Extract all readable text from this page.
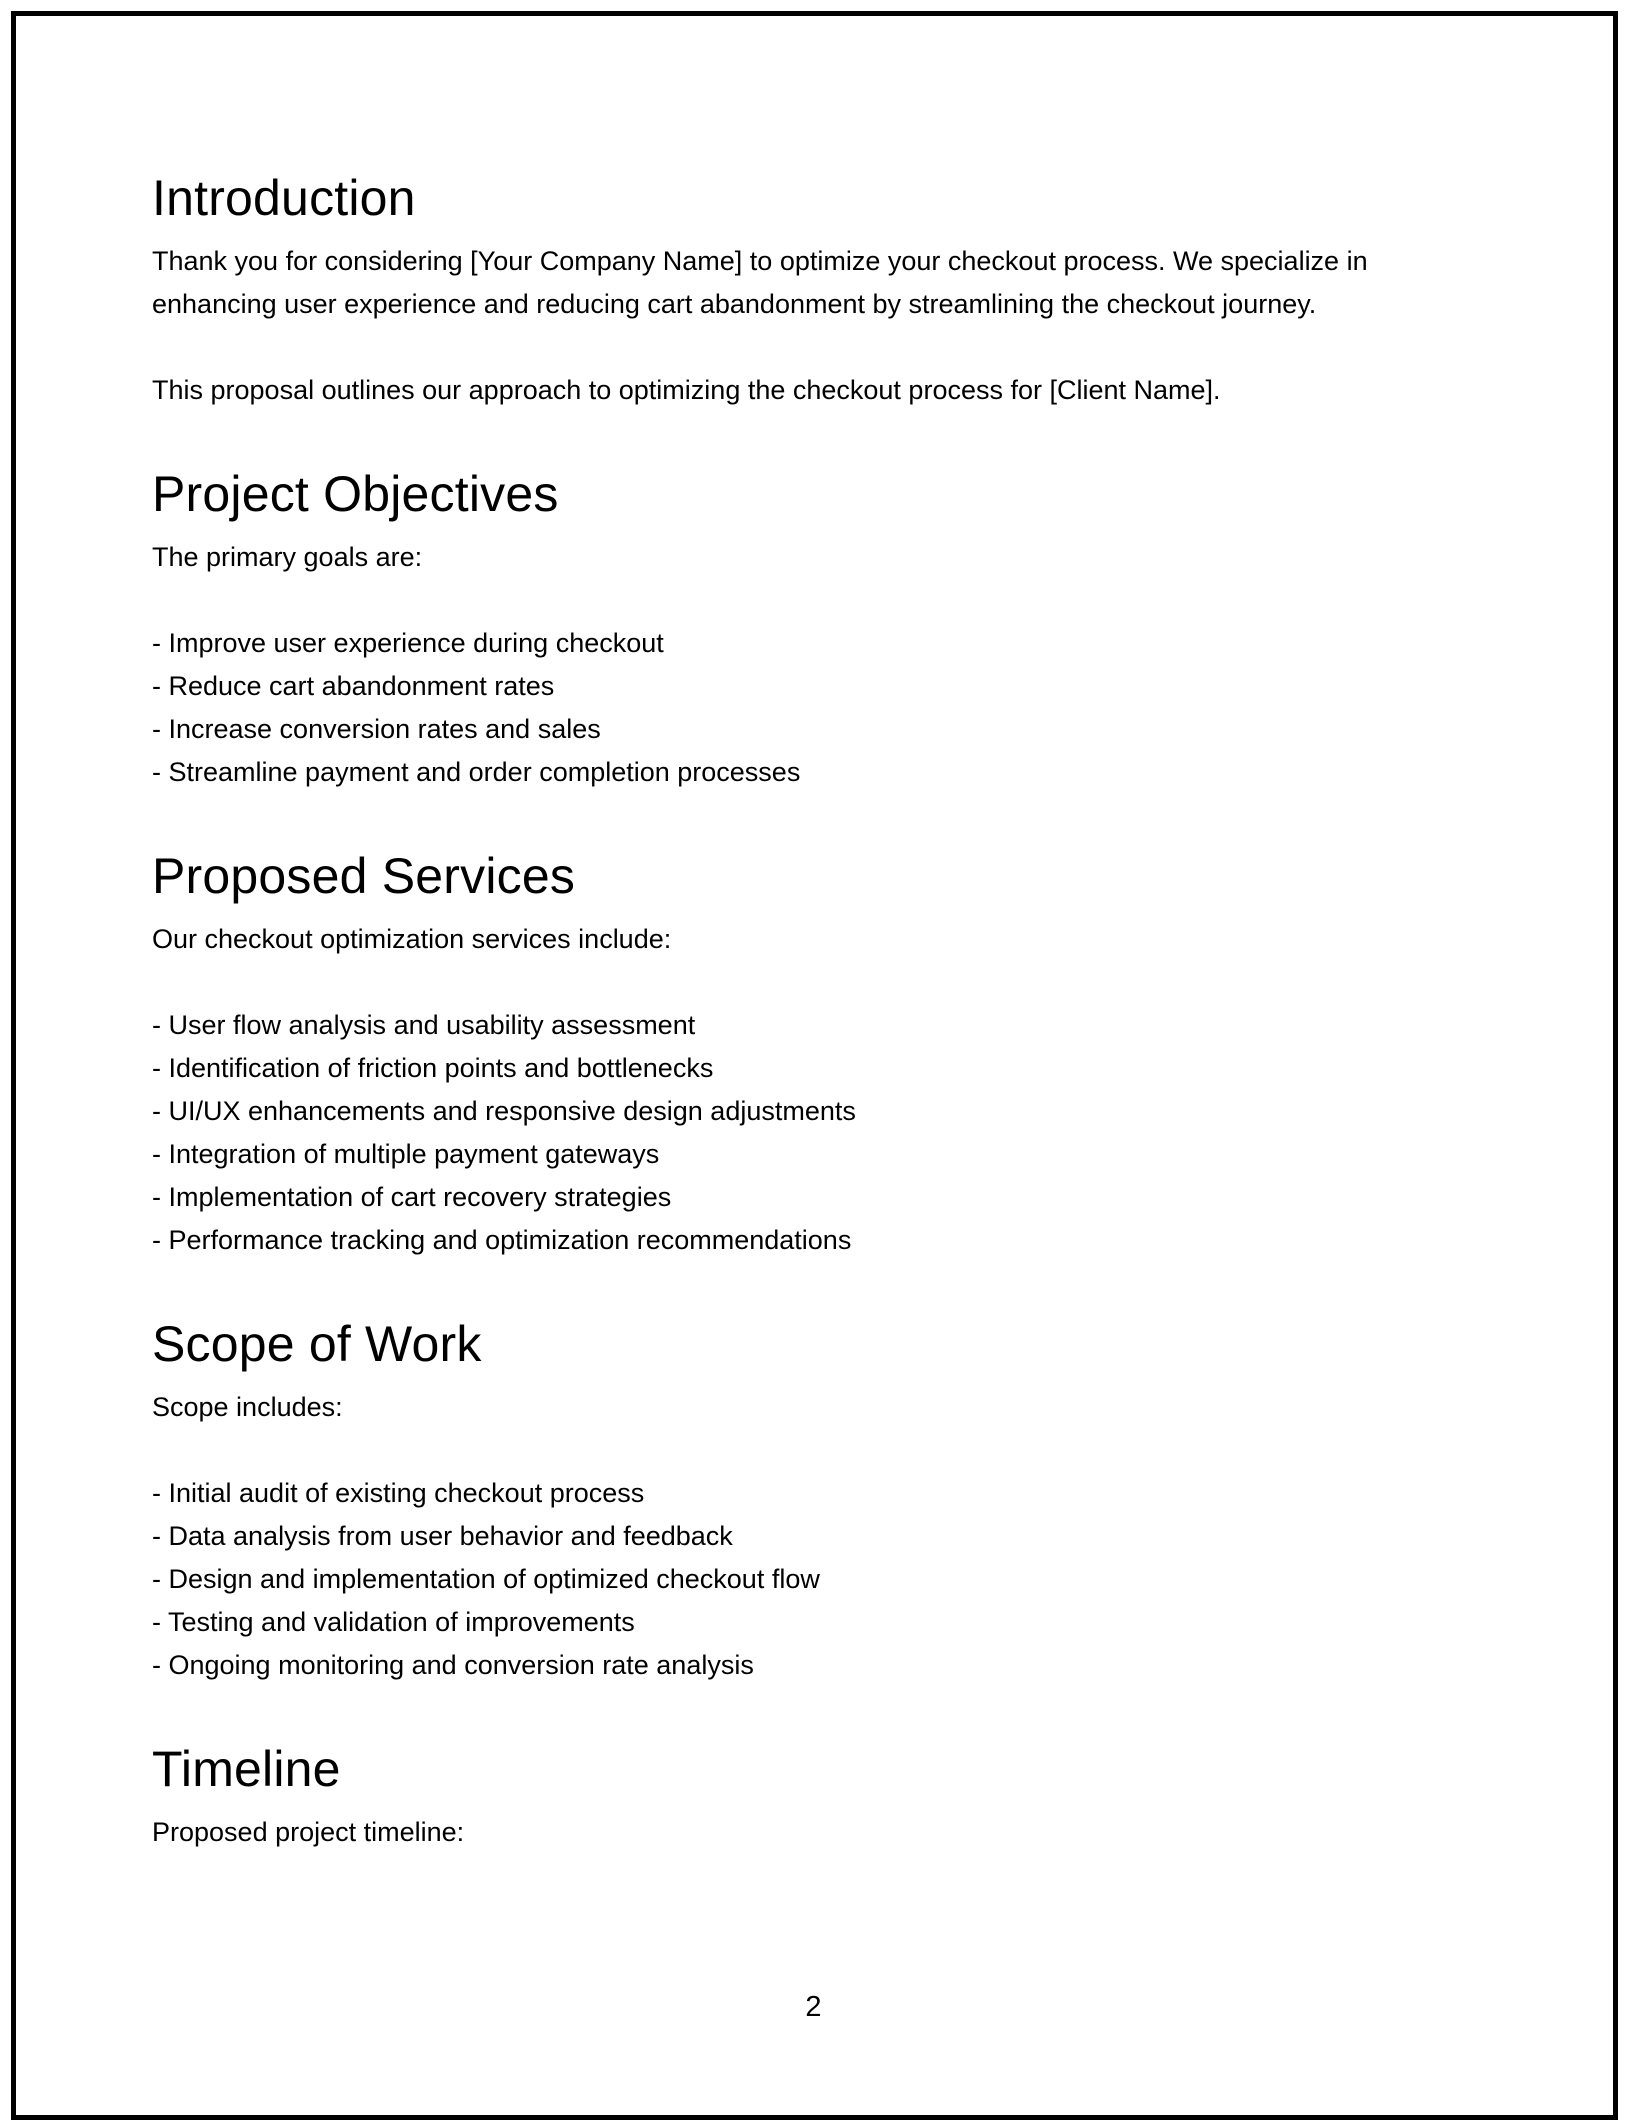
Introduction

Thank you for considering [Your Company Name] to optimize your checkout process. We specialize in

enhancing user experience and reducing cart abandonment by streamlining the checkout journey.

This proposal outlines our approach to optimizing the checkout process for [Client Name].

Project Objectives

The primary goals are:

- Improve user experience during checkout
- Reduce cart abandonment rates
- Increase conversion rates and sales
- Streamline payment and order completion processes
Proposed Services

Our checkout optimization services include:

- User flow analysis and usability assessment
- Identification of friction points and bottlenecks
- UI/UX enhancements and responsive design adjustments
- Integration of multiple payment gateways
- Implementation of cart recovery strategies
- Performance tracking and optimization recommendations
Scope of Work

Scope includes:

- Initial audit of existing checkout process
- Data analysis from user behavior and feedback
- Design and implementation of optimized checkout flow
- Testing and validation of improvements
- Ongoing monitoring and conversion rate analysis
Timeline

Proposed project timeline:

2
